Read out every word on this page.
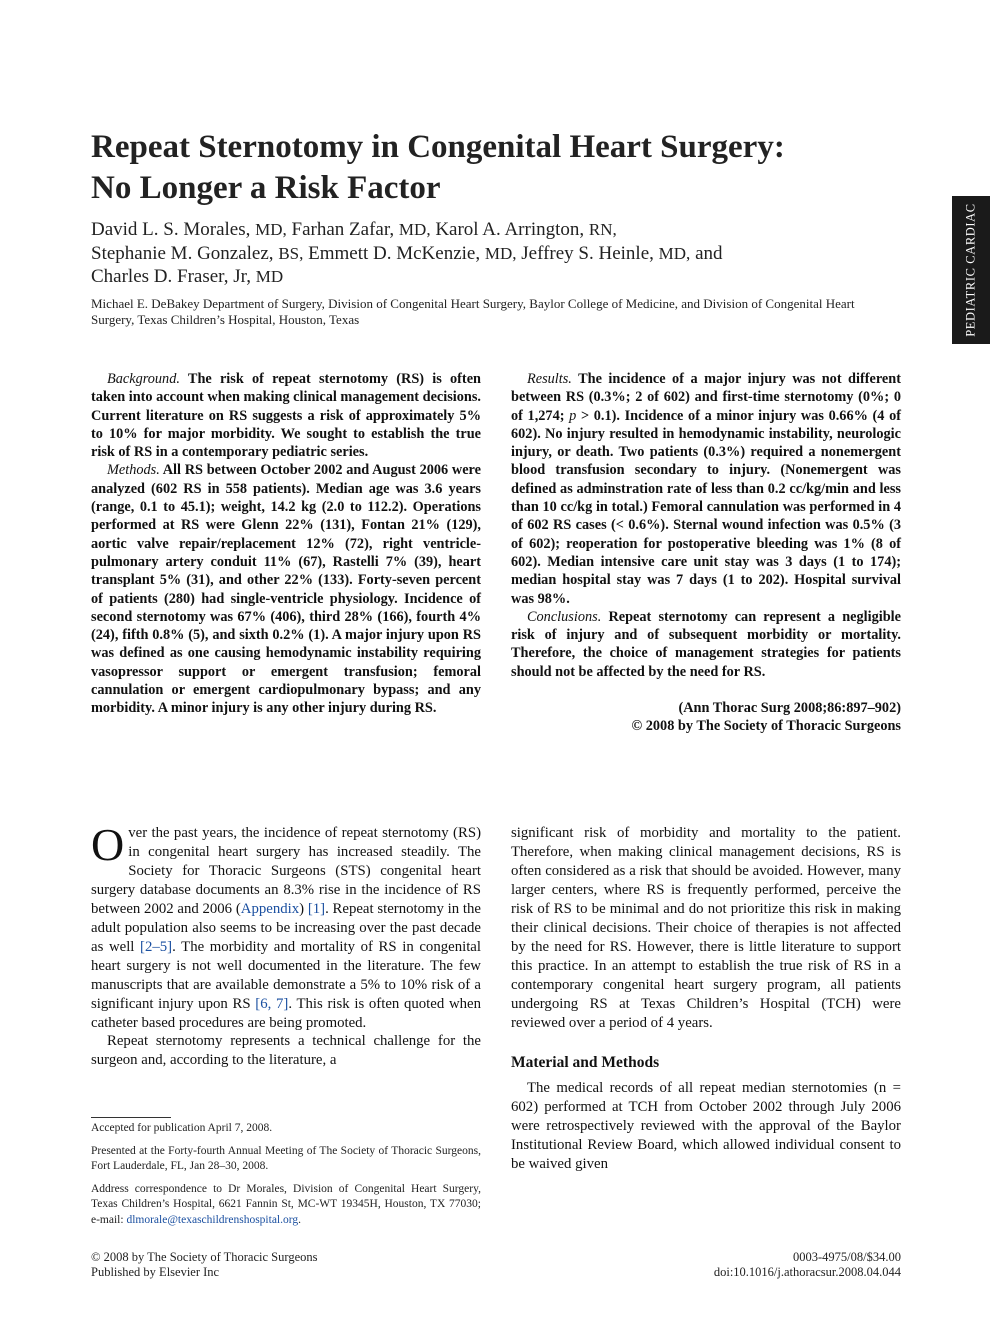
Repeat Sternotomy in Congenital Heart Surgery:
No Longer a Risk Factor
David L. S. Morales, MD, Farhan Zafar, MD, Karol A. Arrington, RN,
Stephanie M. Gonzalez, BS, Emmett D. McKenzie, MD, Jeffrey S. Heinle, MD, and
Charles D. Fraser, Jr, MD
Michael E. DeBakey Department of Surgery, Division of Congenital Heart Surgery, Baylor College of Medicine, and Division of Congenital Heart Surgery, Texas Children’s Hospital, Houston, Texas	PEDIATRIC CARDIAC

Background. The risk of repeat sternotomy (RS) is often taken into account when making clinical management decisions. Current literature on RS suggests a risk of approximately 5% to 10% for major morbidity. We sought to establish the true risk of RS in a contemporary pediatric series.

Methods. All RS between October 2002 and August 2006 were analyzed (602 RS in 558 patients). Median age was 3.6 years (range, 0.1 to 45.1); weight, 14.2 kg (2.0 to 112.2). Operations performed at RS were Glenn 22% (131), Fontan 21% (129), aortic valve repair/replacement 12% (72), right ventricle-pulmonary artery conduit 11% (67), Rastelli 7% (39), heart transplant 5% (31), and other 22% (133). Forty-seven percent of patients (280) had single-ventricle physiology. Incidence of second sternotomy was 67% (406), third 28% (166), fourth 4% (24), fifth 0.8% (5), and sixth 0.2% (1). A major injury upon RS was defined as one causing hemodynamic instability requiring vasopressor support or emergent transfusion; femoral cannulation or emergent cardiopulmonary bypass; and any morbidity. A minor injury is any other injury during RS.

Results. The incidence of a major injury was not different between RS (0.3%; 2 of 602) and first-time sternotomy (0%; 0 of 1,274; p > 0.1). Incidence of a minor injury was 0.66% (4 of 602). No injury resulted in hemodynamic instability, neurologic injury, or death. Two patients (0.3%) required a nonemergent blood transfusion secondary to injury. (Nonemergent was defined as adminstration rate of less than 0.2 cc/kg/min and less than 10 cc/kg in total.) Femoral cannulation was performed in 4 of 602 RS cases (< 0.6%). Sternal wound infection was 0.5% (3 of 602); reoperation for postoperative bleeding was 1% (8 of 602). Median intensive care unit stay was 3 days (1 to 174); median hospital stay was 7 days (1 to 202). Hospital survival was 98%.

Conclusions. Repeat sternotomy can represent a negligible risk of injury and of subsequent morbidity or mortality. Therefore, the choice of management strategies for patients should not be affected by the need for RS.

(Ann Thorac Surg 2008;86:897–902)
© 2008 by The Society of Thoracic Surgeons

Over the past years, the incidence of repeat sternotomy (RS) in congenital heart surgery has increased steadily. The Society for Thoracic Surgeons (STS) congenital heart surgery database documents an 8.3% rise in the incidence of RS between 2002 and 2006 (Appendix) [1]. Repeat sternotomy in the adult population also seems to be increasing over the past decade as well [2–5]. The morbidity and mortality of RS in congenital heart surgery is not well documented in the literature. The few manuscripts that are available demonstrate a 5% to 10% risk of a significant injury upon RS [6, 7]. This risk is often quoted when catheter based procedures are being promoted.

Repeat sternotomy represents a technical challenge for the surgeon and, according to the literature, a

significant risk of morbidity and mortality to the patient. Therefore, when making clinical management decisions, RS is often considered as a risk that should be avoided. However, many larger centers, where RS is frequently performed, perceive the risk of RS to be minimal and do not prioritize this risk in making their clinical decisions. Their choice of therapies is not affected by the need for RS. However, there is little literature to support this practice. In an attempt to establish the true risk of RS in a contemporary congenital heart surgery program, all patients undergoing RS at Texas Children’s Hospital (TCH) were reviewed over a period of 4 years.

Material and Methods

The medical records of all repeat median sternotomies (n = 602) performed at TCH from October 2002 through July 2006 were retrospectively reviewed with the approval of the Baylor Institutional Review Board, which allowed individual consent to be waived given

Accepted for publication April 7, 2008.

Presented at the Forty-fourth Annual Meeting of The Society of Thoracic Surgeons, Fort Lauderdale, FL, Jan 28–30, 2008.

Address correspondence to Dr Morales, Division of Congenital Heart Surgery, Texas Children’s Hospital, 6621 Fannin St, MC-WT 19345H, Houston, TX 77030; e-mail: dlmorale@texaschildrenshospital.org.

© 2008 by The Society of Thoracic Surgeons
Published by Elsevier Inc
0003-4975/08/$34.00
doi:10.1016/j.athoracsur.2008.04.044
